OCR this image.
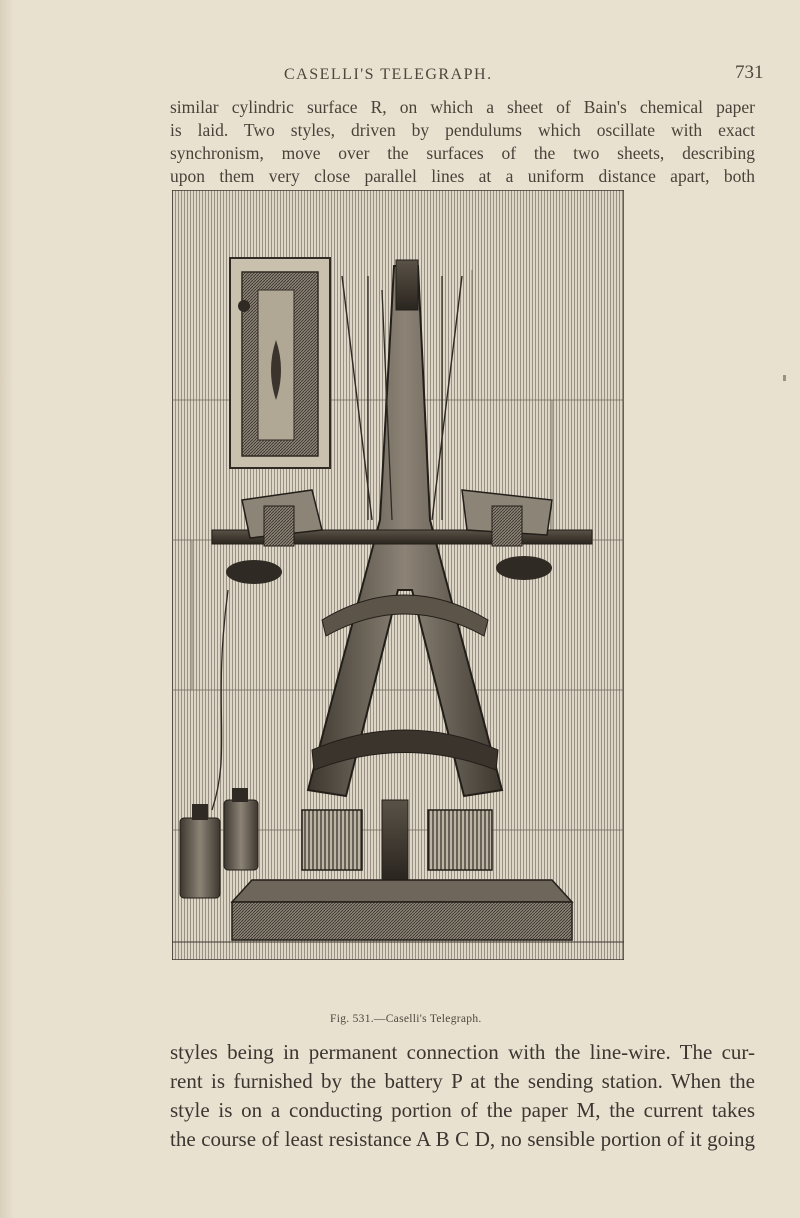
CASELLI'S TELEGRAPH.	731

similar cylindric surface R, on which a sheet of Bain's chemical paper
is laid. Two styles, driven by pendulums which oscillate with exact
synchronism, move over the surfaces of the two sheets, describing
upon them very close parallel lines at a uniform distance apart, both

Fig. 531.—Caselli's Telegraph.

styles being in permanent connection with the line-wire. The cur-
rent is furnished by the battery P at the sending station. When the
style is on a conducting portion of the paper M, the current takes
the course of least resistance A B C D, no sensible portion of it going
